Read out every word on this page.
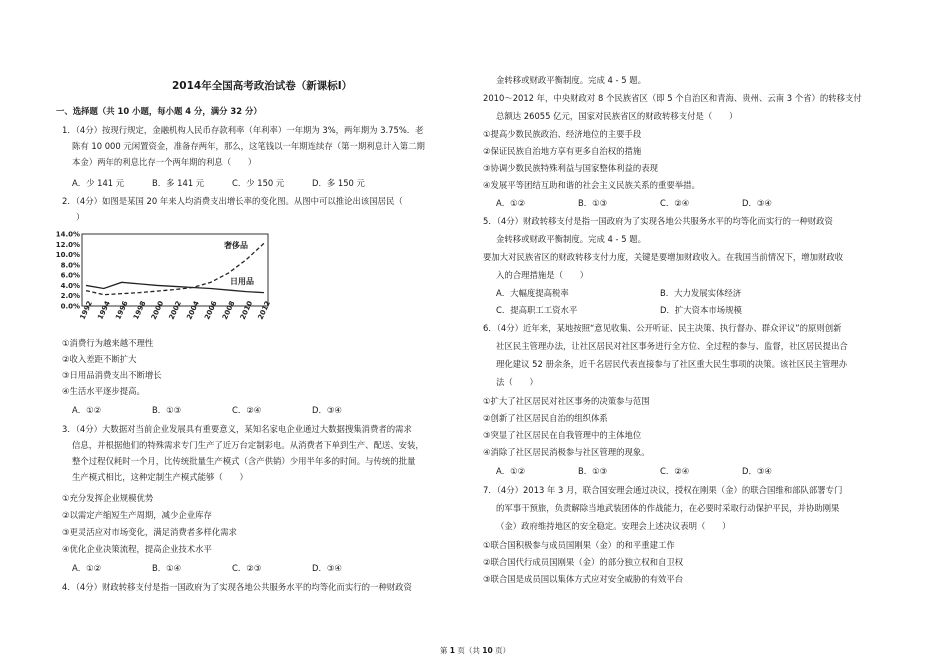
2014年全国高考政治试卷（新课标Ⅰ）
一、选择题（共 10 小题，每小题 4 分，满分 32 分）
1．（4分）按现行规定，金融机构人民币存款利率（年利率）一年期为 3%，两年期为 3.75%．老
陈有 10 000 元闲置资金，准备存两年，那么，这笔钱以一年期连续存（第一期利息计入第二期
本金）两年的利息比存一个两年期的利息（　　）
A．少 141 元	B．多 141 元	C．少 150 元	D．多 150 元
2．（4分）如图是某国 20 年来人均消费支出增长率的变化图。从图中可以推论出该国居民（
）
14.0%
12.0%
10.0%
8.0%
6.0%
4.0%
2.0%
0.0%
1992 1994 1996 1998 2000 2002 2004 2006 2008 2010 2012
奢侈品
日用品
①消费行为越来越不理性
②收入差距不断扩大
③日用品消费支出不断增长
④生活水平逐步提高。
A．①②	B．①③	C．②④	D．③④
3．（4分）大数据对当前企业发展具有重要意义，某知名家电企业通过大数据搜集消费者的需求
信息，并根据他们的特殊需求专门生产了近万台定制彩电。从消费者下单到生产、配送、安装，
整个过程仅耗时一个月，比传统批量生产模式（含产供销）少用半年多的时间。与传统的批量
生产模式相比，这种定制生产模式能够（　　）
①充分发挥企业规模优势
②以需定产缩短生产周期，减少企业库存
③更灵活应对市场变化，满足消费者多样化需求
④优化企业决策流程，提高企业技术水平
A．①②	B．①④	C．②③	D．③④
4．（4分）财政转移支付是指一国政府为了实现各地公共服务水平的均等化而实行的一种财政资
金转移或财政平衡制度。完成 4 - 5 题。
2010～2012 年，中央财政对 8 个民族省区（即 5 个自治区和青海、贵州、云南 3 个省）的转移支付
总额达 26055 亿元，国家对民族省区的财政转移支付是（　　）
①提高少数民族政治、经济地位的主要手段
②保证民族自治地方享有更多自治权的措施
③协调少数民族特殊利益与国家整体利益的表现
④发展平等团结互助和谐的社会主义民族关系的重要举措。
A．①②	B．①③	C．②④	D．③④
5．（4分）财政转移支付是指一国政府为了实现各地公共服务水平的均等化而实行的一种财政资
金转移或财政平衡制度。完成 4 - 5 题。
要加大对民族省区的财政转移支付力度，关键是要增加财政收入。在我国当前情况下，增加财政收
入的合理措施是（　　）
A．大幅度提高税率	B．大力发展实体经济
C．提高职工工资水平	D．扩大资本市场规模
6．（4分）近年来，某地按照“意见收集、公开听证、民主决策、执行督办、群众评议”的原则创新
社区民主管理办法，让社区居民对社区事务进行全方位、全过程的参与、监督，社区居民提出合
理化建议 52 册余条，近千名居民代表直接参与了社区重大民生事项的决策。该社区民主管理办
法（　　）
①扩大了社区居民对社区事务的决策参与范围
②创新了社区居民自治的组织体系
③突显了社区居民在自我管理中的主体地位
④消除了社区居民消极参与社区管理的现象。
A．①②	B．①③	C．②④	D．③④
7．（4分）2013 年 3 月，联合国安理会通过决议，授权在刚果（金）的联合国维和部队部署专门
的军事干预旅，负责解除当地武装团体的作战能力，在必要时采取行动保护平民，并协助刚果
（金）政府维持地区的安全稳定。安理会上述决议表明（　　）
①联合国积极参与成员国刚果（金）的和平重建工作
②联合国代行成员国刚果（金）的部分独立权和自卫权
③联合国是成员国以集体方式应对安全威胁的有效平台
第 1 页（共 10 页）
